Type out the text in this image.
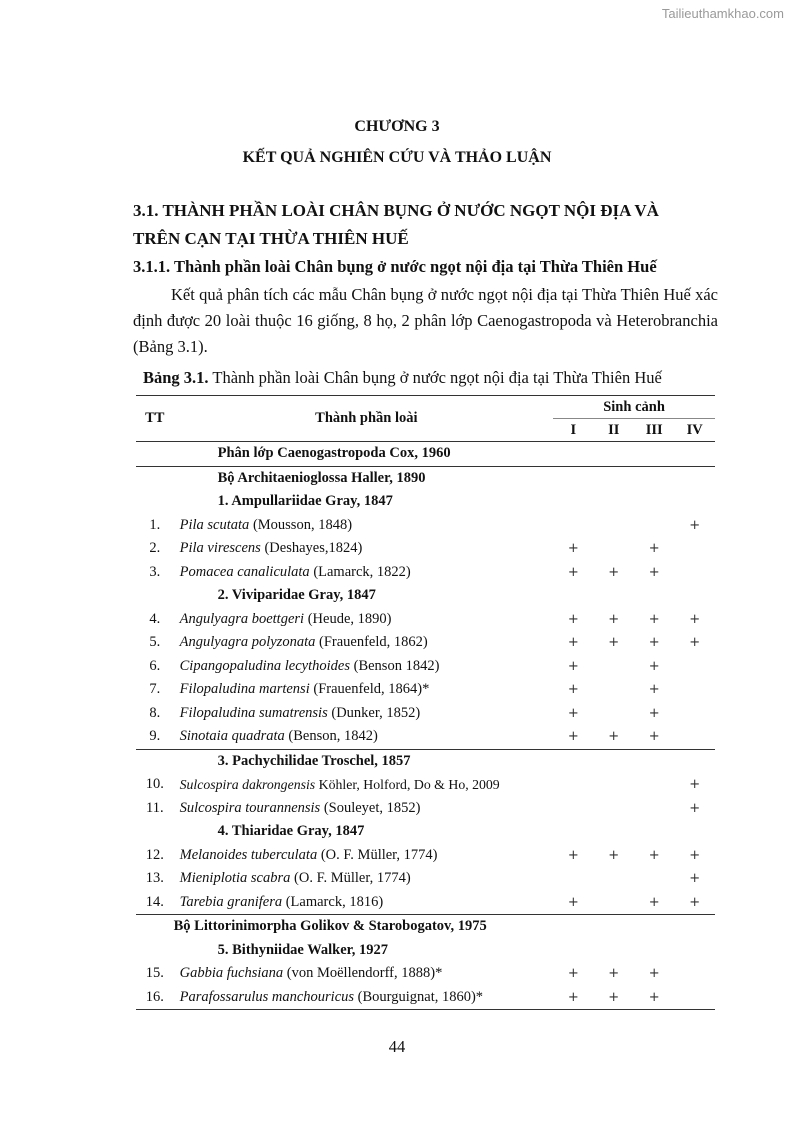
Tailieuthamkhao.com
CHƯƠNG 3
KẾT QUẢ NGHIÊN CỨU VÀ THẢO LUẬN
3.1. THÀNH PHẦN LOÀI CHÂN BỤNG Ở NƯỚC NGỌT NỘI ĐỊA VÀ
TRÊN CẠN TẠI THỪA THIÊN HUẾ
3.1.1. Thành phần loài Chân bụng ở nước ngọt nội địa tại Thừa Thiên Huế
Kết quả phân tích các mẫu Chân bụng ở nước ngọt nội địa tại Thừa Thiên Huế xác định được 20 loài thuộc 16 giống, 8 họ, 2 phân lớp Caenogastropoda và Heterobranchia (Bảng 3.1).
Bảng 3.1. Thành phần loài Chân bụng ở nước ngọt nội địa tại Thừa Thiên Huế
TT	Thành phần loài	Sinh cảnh			
		I	II	III	IV
	Phân lớp Caenogastropoda Cox, 1960				
	Bộ Architaenioglossa Haller, 1890				
	1. Ampullariidae Gray, 1847				
1.	Pila scutata (Mousson, 1848)				+
2.	Pila virescens (Deshayes,1824)	+		+	
3.	Pomacea canaliculata (Lamarck, 1822)	+	+	+	
	2. Viviparidae Gray, 1847				
4.	Angulyagra boettgeri (Heude, 1890)	+	+	+	+
5.	Angulyagra polyzonata (Frauenfeld, 1862)	+	+	+	+
6.	Cipangopaludina lecythoides (Benson 1842)	+		+	
7.	Filopaludina martensi (Frauenfeld, 1864)*	+		+	
8.	Filopaludina sumatrensis (Dunker, 1852)	+		+	
9.	Sinotaia quadrata (Benson, 1842)	+	+	+	
	3. Pachychilidae Troschel, 1857				
10.	Sulcospira dakrongensis Köhler, Holford, Do & Ho, 2009				+
11.	Sulcospira tourannensis (Souleyet, 1852)				+
	4. Thiaridae Gray, 1847				
12.	Melanoides tuberculata (O. F. Müller, 1774)	+	+	+	+
13.	Mieniplotia scabra (O. F. Müller, 1774)				+
14.	Tarebia granifera (Lamarck, 1816)	+		+	+
	Bộ Littorinimorpha Golikov & Starobogatov, 1975				
	5. Bithyniidae Walker, 1927				
15.	Gabbia fuchsiana (von Moëllendorff, 1888)*	+	+	+	
16.	Parafossarulus manchouricus (Bourguignat, 1860)*	+	+	+	
44
